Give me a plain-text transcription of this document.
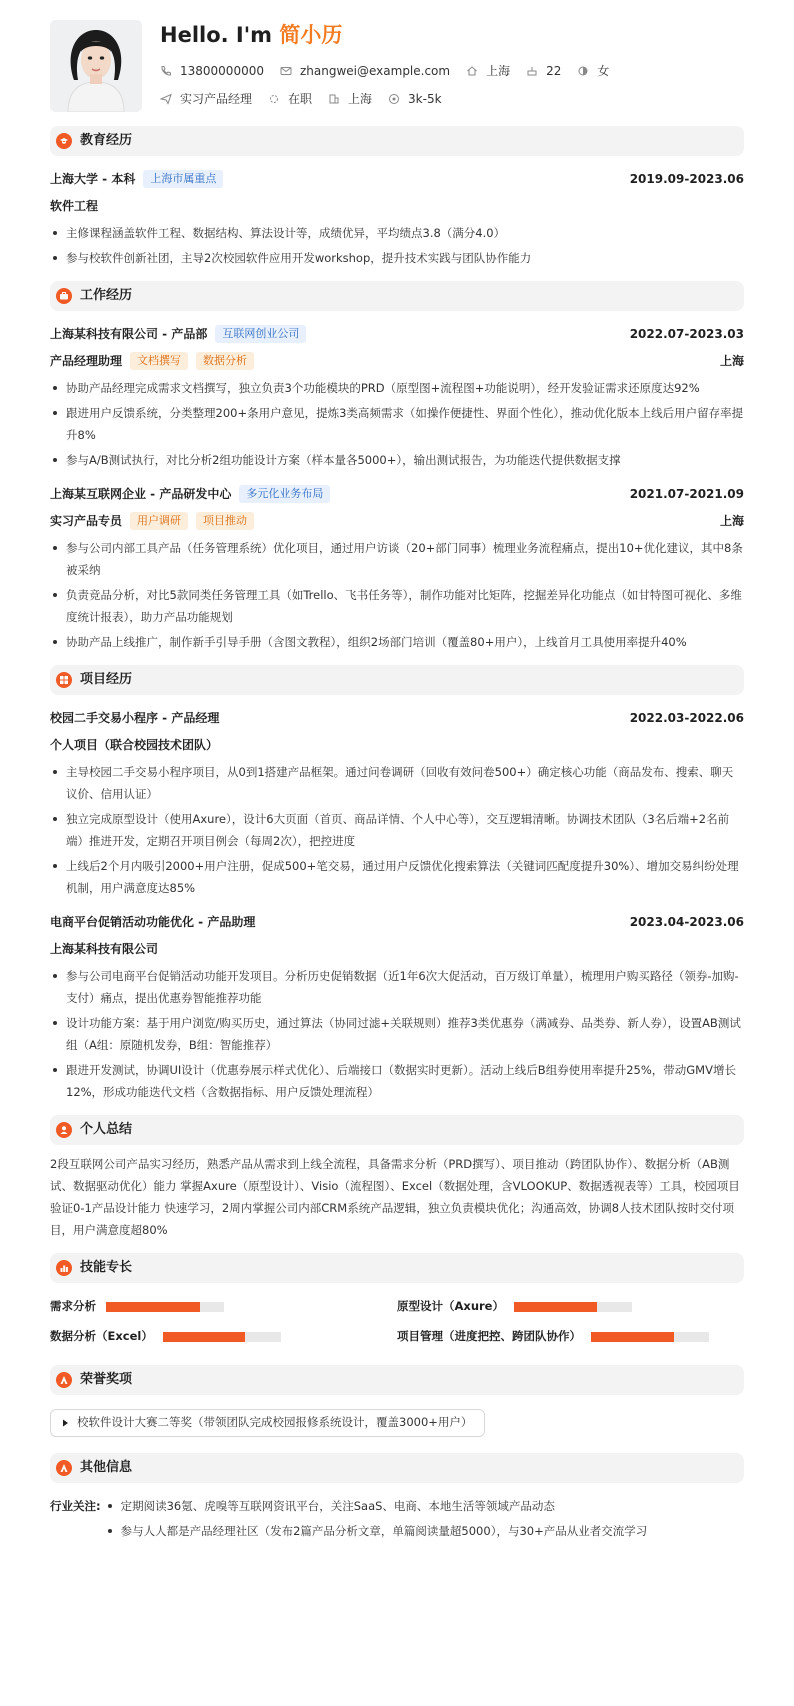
Hello. I'm 简小历
13800000000	zhangwei@example.com	上海	22	女
实习产品经理	在职	上海	3k-5k
教育经历
上海大学 - 本科	上海市属重点	2019.09-2023.06
软件工程
主修课程涵盖软件工程、数据结构、算法设计等，成绩优异，平均绩点3.8（满分4.0）
参与校软件创新社团，主导2次校园软件应用开发workshop，提升技术实践与团队协作能力
工作经历
上海某科技有限公司 - 产品部	互联网创业公司	2022.07-2023.03
产品经理助理	文档撰写	数据分析	上海
协助产品经理完成需求文档撰写，独立负责3个功能模块的PRD（原型图+流程图+功能说明），经开发验证需求还原度达92%
跟进用户反馈系统，分类整理200+条用户意见，提炼3类高频需求（如操作便捷性、界面个性化），推动优化版本上线后用户留存率提升8%
参与A/B测试执行，对比分析2组功能设计方案（样本量各5000+），输出测试报告，为功能迭代提供数据支撑
上海某互联网企业 - 产品研发中心	多元化业务布局	2021.07-2021.09
实习产品专员	用户调研	项目推动	上海
参与公司内部工具产品（任务管理系统）优化项目，通过用户访谈（20+部门同事）梳理业务流程痛点，提出10+优化建议，其中8条被采纳
负责竞品分析，对比5款同类任务管理工具（如Trello、飞书任务等），制作功能对比矩阵，挖掘差异化功能点（如甘特图可视化、多维度统计报表），助力产品功能规划
协助产品上线推广，制作新手引导手册（含图文教程），组织2场部门培训（覆盖80+用户），上线首月工具使用率提升40%
项目经历
校园二手交易小程序 - 产品经理	2022.03-2022.06
个人项目（联合校园技术团队）
主导校园二手交易小程序项目，从0到1搭建产品框架。通过问卷调研（回收有效问卷500+）确定核心功能（商品发布、搜索、聊天议价、信用认证）
独立完成原型设计（使用Axure），设计6大页面（首页、商品详情、个人中心等），交互逻辑清晰。协调技术团队（3名后端+2名前端）推进开发，定期召开项目例会（每周2次），把控进度
上线后2个月内吸引2000+用户注册，促成500+笔交易，通过用户反馈优化搜索算法（关键词匹配度提升30%）、增加交易纠纷处理机制，用户满意度达85%
电商平台促销活动功能优化 - 产品助理	2023.04-2023.06
上海某科技有限公司
参与公司电商平台促销活动功能开发项目。分析历史促销数据（近1年6次大促活动，百万级订单量），梳理用户购买路径（领券-加购-支付）痛点，提出优惠券智能推荐功能
设计功能方案：基于用户浏览/购买历史，通过算法（协同过滤+关联规则）推荐3类优惠券（满减券、品类券、新人券），设置AB测试组（A组：原随机发券，B组：智能推荐）
跟进开发测试，协调UI设计（优惠券展示样式优化）、后端接口（数据实时更新）。活动上线后B组券使用率提升25%，带动GMV增长12%，形成功能迭代文档（含数据指标、用户反馈处理流程）
个人总结
2段互联网公司产品实习经历，熟悉产品从需求到上线全流程，具备需求分析（PRD撰写）、项目推动（跨团队协作）、数据分析（AB测试、数据驱动优化）能力 掌握Axure（原型设计）、Visio（流程图）、Excel（数据处理，含VLOOKUP、数据透视表等）工具，校园项目验证0-1产品设计能力 快速学习，2周内掌握公司内部CRM系统产品逻辑，独立负责模块优化；沟通高效，协调8人技术团队按时交付项目，用户满意度超80%
技能专长
需求分析	原型设计（Axure）
数据分析（Excel）	项目管理（进度把控、跨团队协作）
荣誉奖项
校软件设计大赛二等奖（带领团队完成校园报修系统设计，覆盖3000+用户）
其他信息
行业关注:	定期阅读36氪、虎嗅等互联网资讯平台，关注SaaS、电商、本地生活等领域产品动态
参与人人都是产品经理社区（发布2篇产品分析文章，单篇阅读量超5000），与30+产品从业者交流学习
